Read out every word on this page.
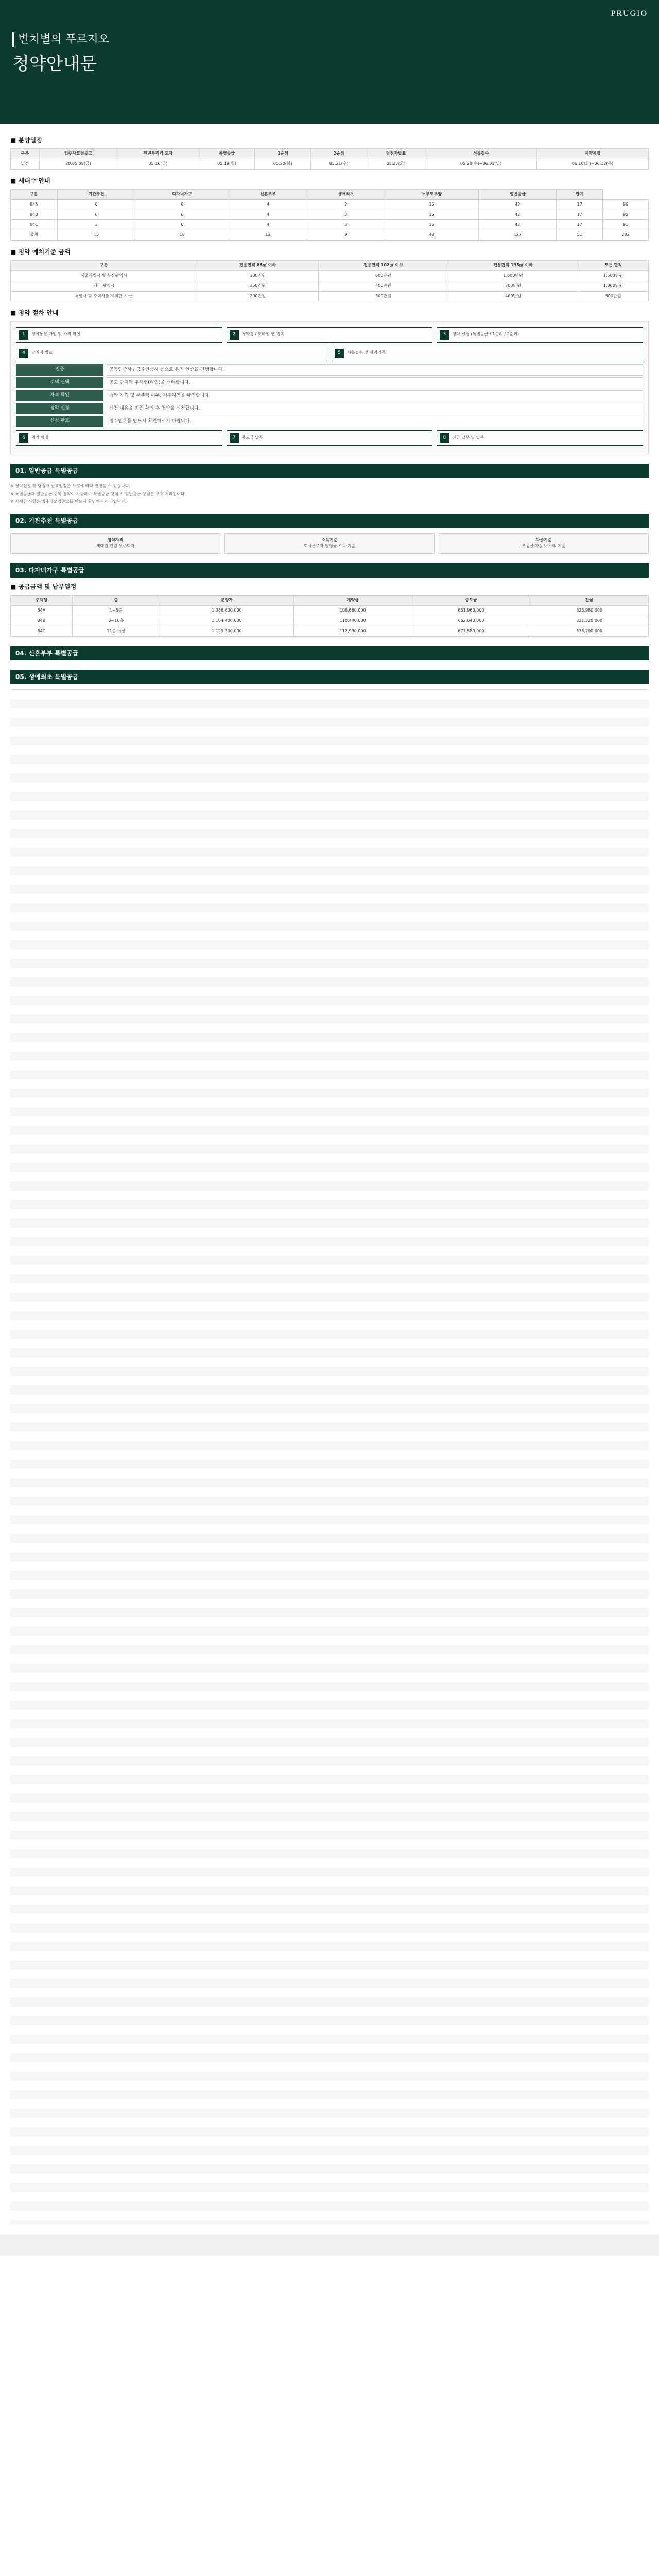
PRUGIO
변치별의 푸르지오
청약안내문
■ 분양일정
구분	입주자모집공고	전번부적격 도자	특별공급	1순위	2순위	당첨자발표	서류접수	계약체결
일정	20.05.09(금)	05.16(금)	05.19(월)	05.20(화)	05.21(수)	05.27(화)	05.28(수)~06.01(일)	06.10(화)~06.12(목)
■ 세대수 안내
구분	기관추천	다자녀가구	신혼부부	생애최초	노부모부양	일반공급	합계	
84A	6	6	4	3	16	43	17	96
84B	6	6	4	3	16	42	17	95
84C	3	6	4	3	16	42	17	91
합계	15	18	12	9	48	127	51	282
■ 청약 예치기준 금액
구분	전용면적 85㎡ 이하	전용면적 102㎡ 이하	전용면적 135㎡ 이하	모든 면적
서울특별시 및 부산광역시	300만원	600만원	1,000만원	1,500만원
기타 광역시	250만원	400만원	700만원	1,000만원
특별시 및 광역시를 제외한 시·군	200만원	300만원	400만원	500만원
■ 청약 절차 안내
1	청약통장 가입 및 자격 확인	2	청약홈 / 모바일 앱 접속	3	청약 신청 (특별공급 / 1순위 / 2순위)
4	당첨자 발표	5	서류접수 및 자격검증
인증	공동인증서 / 금융인증서 등으로 본인 인증을 진행합니다.
주택 선택	공고 단지와 주택형(타입)을 선택합니다.
자격 확인	청약 자격 및 무주택 여부, 거주지역을 확인합니다.
청약 신청	신청 내용을 최종 확인 후 청약을 신청합니다.
신청 완료	접수번호를 반드시 확인하시기 바랍니다.
6	계약 체결	7	중도금 납부	8	잔금 납부 및 입주
01. 일반공급 특별공급
※ 청약신청 및 당첨자 발표일정은 사정에 따라 변경될 수 있습니다.
※ 특별공급과 일반공급 중복 청약이 가능하나 특별공급 당첨 시 일반공급 당첨은 무효 처리됩니다.
※ 자세한 사항은 입주자모집공고를 반드시 확인하시기 바랍니다.
02. 기관추천 특별공급
청약자격
세대원 전원 무주택자
소득기준
도시근로자 월평균 소득 기준
자산기준
부동산·자동차 가액 기준
03. 다자녀가구 특별공급
■ 공급금액 및 납부일정
주택형	층	분양가	계약금	중도금	잔금
84A	1~5층	1,086,600,000	108,660,000	651,960,000	325,980,000
84B	6~10층	1,104,400,000	110,440,000	662,640,000	331,320,000
84C	11층 이상	1,129,300,000	112,930,000	677,580,000	338,790,000
04. 신혼부부 특별공급
05. 생애최초 특별공급
